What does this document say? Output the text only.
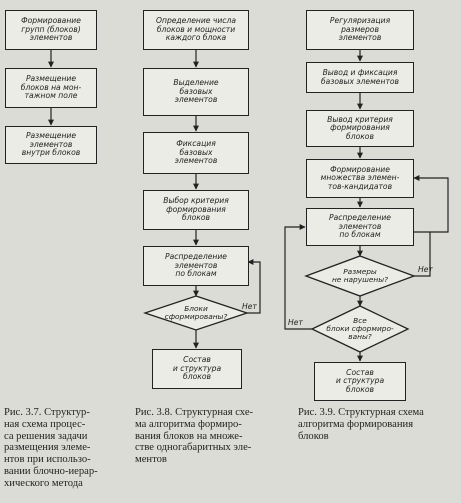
Формирование
групп (блоков)
элементов
Размещение
блоков на мон-
тажном поле
Размещение
элементов
внутри блоков
Определение числа
блоков и мощности
каждого блока
Выделение
базовых
элементов
Фиксация
базовых
элементов
Выбор критерия
формирования
блоков
Распределение
элементов
по блокам
Блоки
сформированы?
Нет
Состав
и структура
блоков
Регуляризация
размеров
элементов
Вывод и фиксация
базовых элементов
Вывод критерия
формирования
блоков
Формирование
множества элемен-
тов-кандидатов
Распределение
элементов
по блокам
Размеры
не нарушены?
Нет
Все
блоки сформиро-
ваны?
Нет
Состав
и структура
блоков
Рис. 3.7. Структур-
ная схема процес-
са решения задачи
размещения элеме-
нтов при использо-
вании блочно-иерар-
хического метода
Рис. 3.8. Структурная схе-
ма алгоритма формиро-
вания блоков на множе-
стве одногабаритных эле-
ментов
Рис. 3.9. Структурная схема
алгоритма формирования
блоков
